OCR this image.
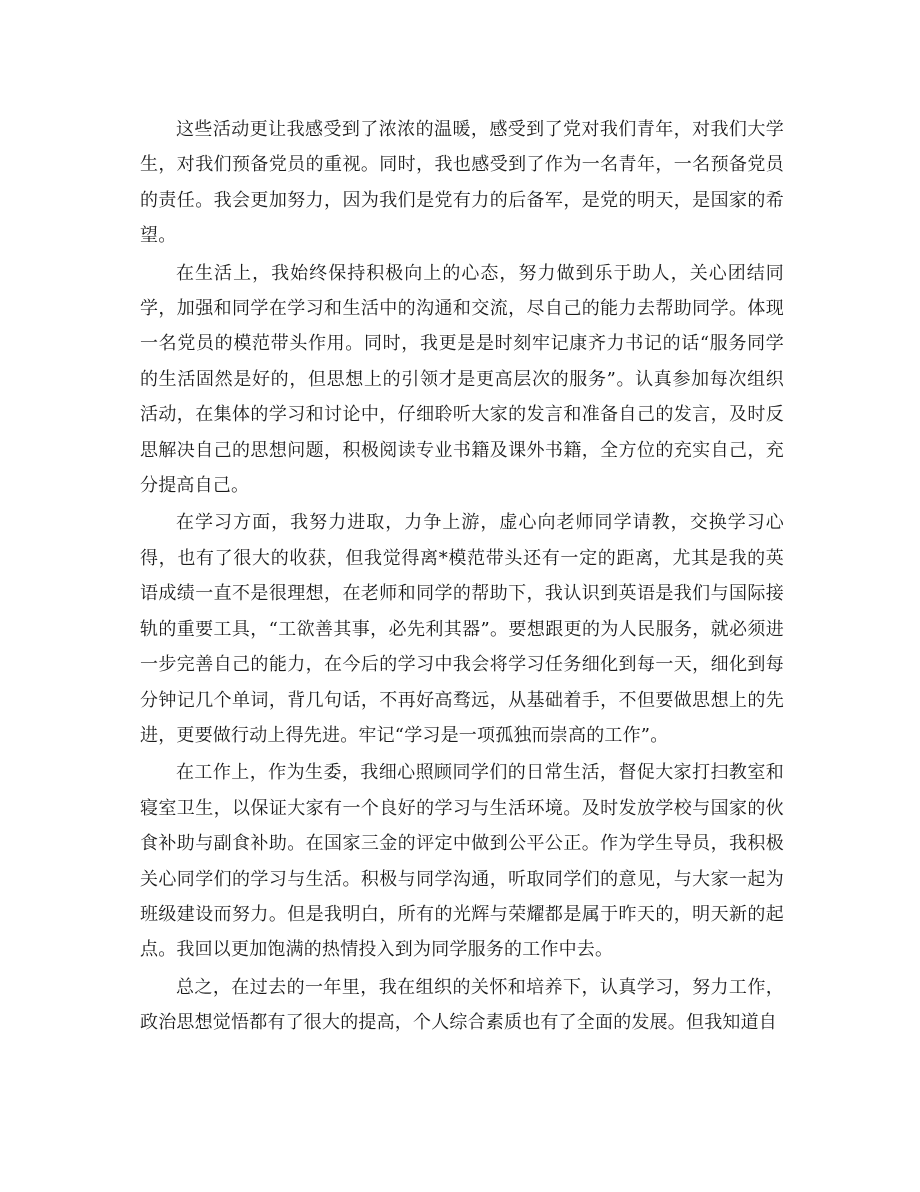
这些活动更让我感受到了浓浓的温暖，感受到了党对我们青年，对我们大学生，对我们预备党员的重视。同时，我也感受到了作为一名青年，一名预备党员的责任。我会更加努力，因为我们是党有力的后备军，是党的明天，是国家的希望。

在生活上，我始终保持积极向上的心态，努力做到乐于助人，关心团结同学，加强和同学在学习和生活中的沟通和交流，尽自己的能力去帮助同学。体现一名党员的模范带头作用。同时，我更是是时刻牢记康齐力书记的话“服务同学的生活固然是好的，但思想上的引领才是更高层次的服务”。认真参加每次组织活动，在集体的学习和讨论中，仔细聆听大家的发言和准备自己的发言，及时反思解决自己的思想问题，积极阅读专业书籍及课外书籍，全方位的充实自己，充分提高自己。

在学习方面，我努力进取，力争上游，虚心向老师同学请教，交换学习心得，也有了很大的收获，但我觉得离*模范带头还有一定的距离，尤其是我的英语成绩一直不是很理想，在老师和同学的帮助下，我认识到英语是我们与国际接轨的重要工具，“工欲善其事，必先利其器”。要想跟更的为人民服务，就必须进一步完善自己的能力，在今后的学习中我会将学习任务细化到每一天，细化到每分钟记几个单词，背几句话，不再好高骛远，从基础着手，不但要做思想上的先进，更要做行动上得先进。牢记“学习是一项孤独而崇高的工作”。

在工作上，作为生委，我细心照顾同学们的日常生活，督促大家打扫教室和寝室卫生，以保证大家有一个良好的学习与生活环境。及时发放学校与国家的伙食补助与副食补助。在国家三金的评定中做到公平公正。作为学生导员，我积极关心同学们的学习与生活。积极与同学沟通，听取同学们的意见，与大家一起为班级建设而努力。但是我明白，所有的光辉与荣耀都是属于昨天的，明天新的起点。我回以更加饱满的热情投入到为同学服务的工作中去。

总之，在过去的一年里，我在组织的关怀和培养下，认真学习，努力工作，政治思想觉悟都有了很大的提高，个人综合素质也有了全面的发展。但我知道自
